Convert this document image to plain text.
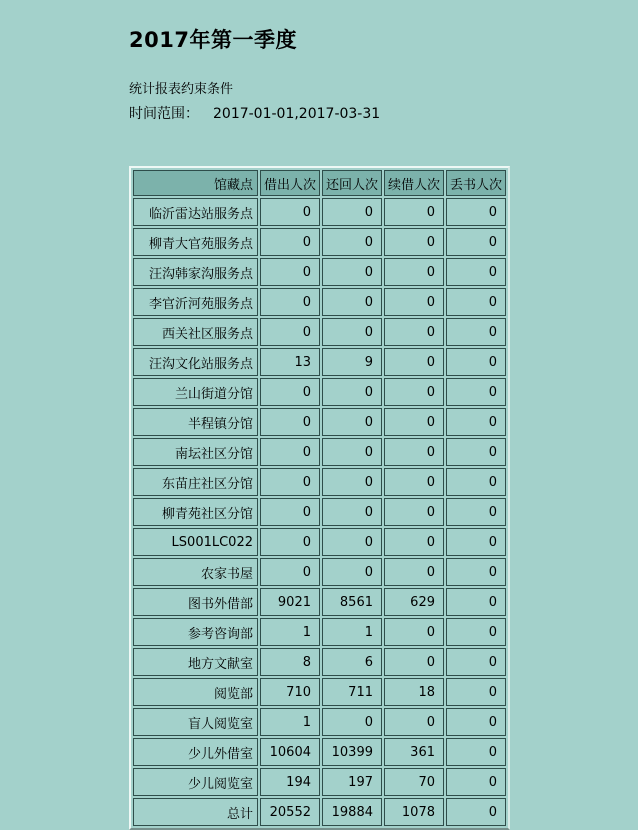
2017年第一季度
统计报表约束条件
时间范围： 2017-01-01,2017-03-31
馆藏点	借出人次	还回人次	续借人次	丢书人次
临沂雷达站服务点	0	0	0	0
柳青大官苑服务点	0	0	0	0
汪沟韩家沟服务点	0	0	0	0
李官沂河苑服务点	0	0	0	0
西关社区服务点	0	0	0	0
汪沟文化站服务点	13	9	0	0
兰山街道分馆	0	0	0	0
半程镇分馆	0	0	0	0
南坛社区分馆	0	0	0	0
东苗庄社区分馆	0	0	0	0
柳青苑社区分馆	0	0	0	0
LS001LC022	0	0	0	0
农家书屋	0	0	0	0
图书外借部	9021	8561	629	0
参考咨询部	1	1	0	0
地方文献室	8	6	0	0
阅览部	710	711	18	0
盲人阅览室	1	0	0	0
少儿外借室	10604	10399	361	0
少儿阅览室	194	197	70	0
总计	20552	19884	1078	0
